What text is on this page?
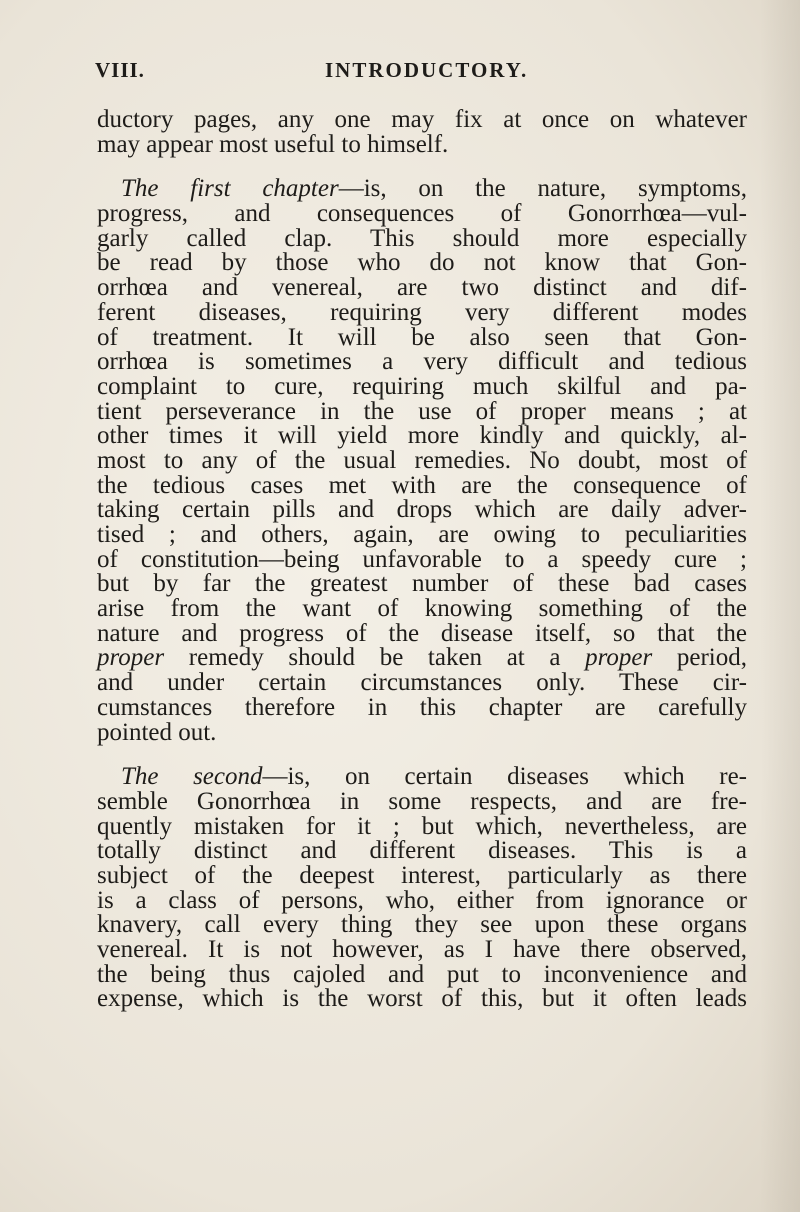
VIII.	INTRODUCTORY.
ductory pages, any one may fix at once on whatever
may appear most useful to himself.
The first chapter—is, on the nature, symptoms,
progress, and consequences of Gonorrhœa—vul-
garly called clap. This should more especially
be read by those who do not know that Gon-
orrhœa and venereal, are two distinct and dif-
ferent diseases, requiring very different modes
of treatment. It will be also seen that Gon-
orrhœa is sometimes a very difficult and tedious
complaint to cure, requiring much skilful and pa-
tient perseverance in the use of proper means ; at
other times it will yield more kindly and quickly, al-
most to any of the usual remedies. No doubt, most of
the tedious cases met with are the consequence of
taking certain pills and drops which are daily adver-
tised ; and others, again, are owing to peculiarities
of constitution—being unfavorable to a speedy cure ;
but by far the greatest number of these bad cases
arise from the want of knowing something of the
nature and progress of the disease itself, so that the
proper remedy should be taken at a proper period,
and under certain circumstances only. These cir-
cumstances therefore in this chapter are carefully
pointed out.
The second—is, on certain diseases which re-
semble Gonorrhœa in some respects, and are fre-
quently mistaken for it ; but which, nevertheless, are
totally distinct and different diseases. This is a
subject of the deepest interest, particularly as there
is a class of persons, who, either from ignorance or
knavery, call every thing they see upon these organs
venereal. It is not however, as I have there observed,
the being thus cajoled and put to inconvenience and
expense, which is the worst of this, but it often leads
